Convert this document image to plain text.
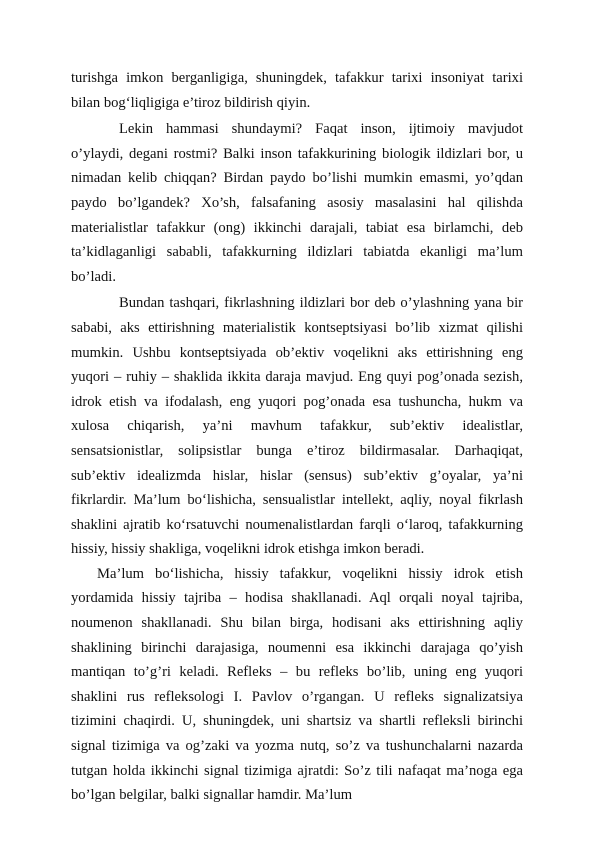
turishga imkon berganligiga, shuningdek, tafakkur tarixi insoniyat tarixi bilan bog‘liqligiga e’tiroz bildirish qiyin.

Lekin hammasi shundaymi? Faqat inson, ijtimoiy mavjudot o’ylaydi, degani rostmi? Balki inson tafakkurining biologik ildizlari bor, u nimadan kelib chiqqan? Birdan paydo bo’lishi mumkin emasmi, yo’qdan paydo bo’lgandek? Xo’sh, falsafaning asosiy masalasini hal qilishda materialistlar tafakkur (ong) ikkinchi darajali, tabiat esa birlamchi, deb ta’kidlaganligi sababli, tafakkurning ildizlari tabiatda ekanligi ma’lum bo’ladi.

Bundan tashqari, fikrlashning ildizlari bor deb o’ylashning yana bir sababi, aks ettirishning materialistik kontseptsiyasi bo’lib xizmat qilishi mumkin. Ushbu kontseptsiyada ob’ektiv voqelikni aks ettirishning eng yuqori – ruhiy – shaklida ikkita daraja mavjud. Eng quyi pog’onada sezish, idrok etish va ifodalash, eng yuqori pog’onada esa tushuncha, hukm va xulosa chiqarish, ya’ni mavhum tafakkur, sub’ektiv idealistlar, sensatsionistlar, solipsistlar bunga e’tiroz bildirmasalar. Darhaqiqat, sub’ektiv idealizmda hislar, hislar (sensus) sub’ektiv g’oyalar, ya’ni fikrlardir. Ma’lum bo‘lishicha, sensualistlar intellekt, aqliy, noyal fikrlash shaklini ajratib ko‘rsatuvchi noumenalistlardan farqli o‘laroq, tafakkurning hissiy, hissiy shakliga, voqelikni idrok etishga imkon beradi.

Ma’lum bo‘lishicha, hissiy tafakkur, voqelikni hissiy idrok etish yordamida hissiy tajriba – hodisa shakllanadi. Aql orqali noyal tajriba, noumenon shakllanadi. Shu bilan birga, hodisani aks ettirishning aqliy shaklining birinchi darajasiga, noumenni esa ikkinchi darajaga qo’yish mantiqan to’g’ri keladi. Refleks – bu refleks bo’lib, uning eng yuqori shaklini rus refleksologi I. Pavlov o’rgangan. U refleks signalizatsiya tizimini chaqirdi. U, shuningdek, uni shartsiz va shartli refleksli birinchi signal tizimiga va og’zaki va yozma nutq, so’z va tushunchalarni nazarda tutgan holda ikkinchi signal tizimiga ajratdi: So’z tili nafaqat ma’noga ega bo’lgan belgilar, balki signallar hamdir. Ma’lum
